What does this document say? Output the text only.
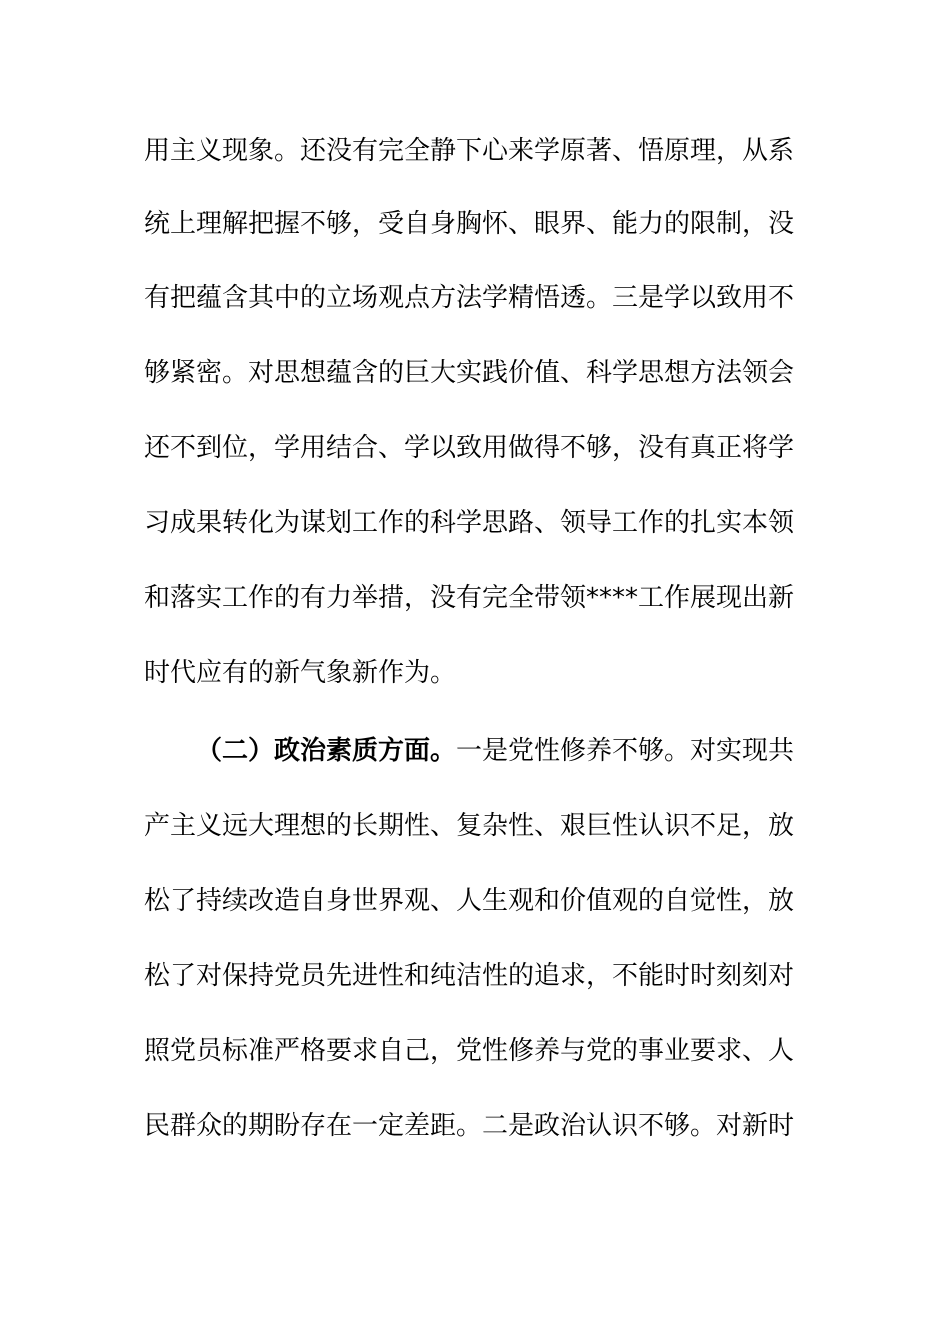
用主义现象。还没有完全静下心来学原著、悟原理，从系
统上理解把握不够，受自身胸怀、眼界、能力的限制，没
有把蕴含其中的立场观点方法学精悟透。三是学以致用不
够紧密。对思想蕴含的巨大实践价值、科学思想方法领会
还不到位，学用结合、学以致用做得不够，没有真正将学
习成果转化为谋划工作的科学思路、领导工作的扎实本领
和落实工作的有力举措，没有完全带领****工作展现出新
时代应有的新气象新作为。
（二）政治素质方面。一是党性修养不够。对实现共
产主义远大理想的长期性、复杂性、艰巨性认识不足，放
松了持续改造自身世界观、人生观和价值观的自觉性，放
松了对保持党员先进性和纯洁性的追求，不能时时刻刻对
照党员标准严格要求自己，党性修养与党的事业要求、人
民群众的期盼存在一定差距。二是政治认识不够。对新时
